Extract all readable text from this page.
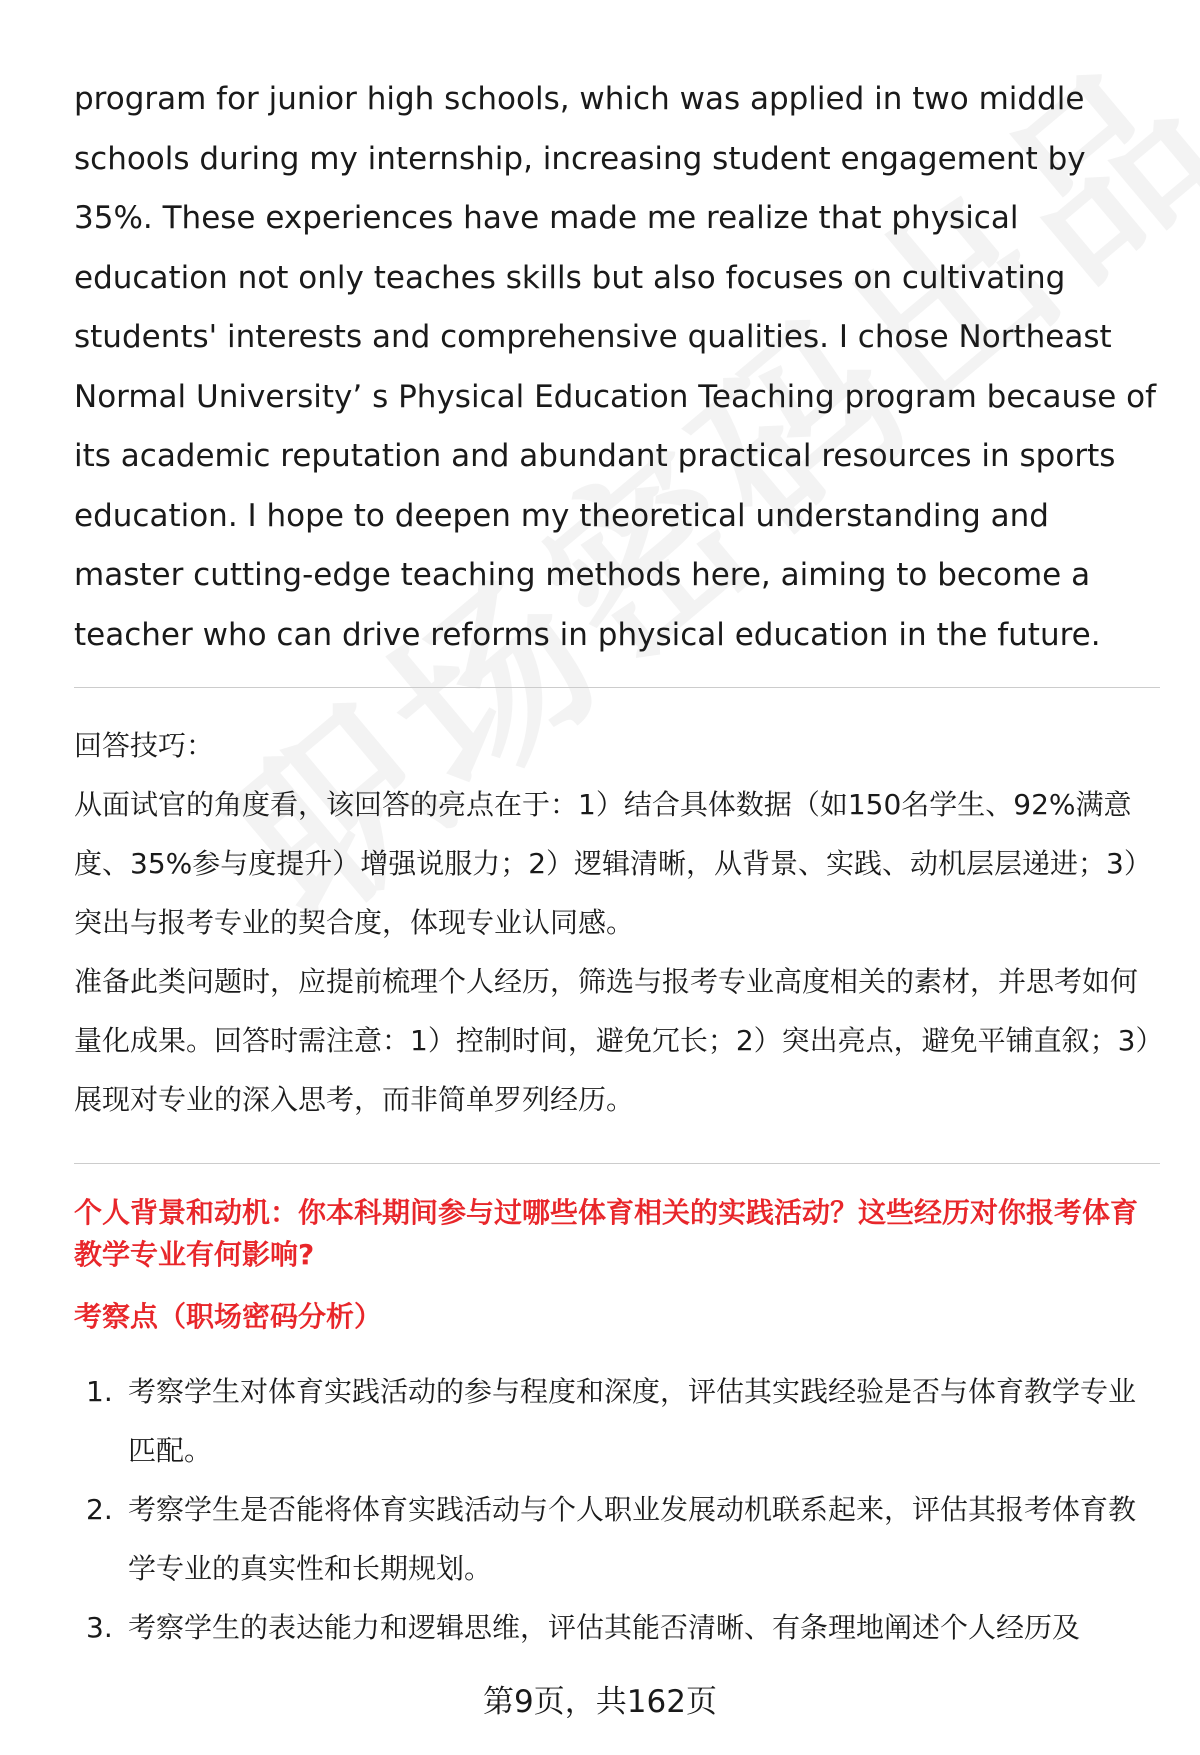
program for junior high schools, which was applied in two middle schools during my internship, increasing student engagement by 35%. These experiences have made me realize that physical education not only teaches skills but also focuses on cultivating students' interests and comprehensive qualities. I chose Northeast Normal University’ s Physical Education Teaching program because of its academic reputation and abundant practical resources in sports education. I hope to deepen my theoretical understanding and master cutting-edge teaching methods here, aiming to become a teacher who can drive reforms in physical education in the future.

回答技巧：

从面试官的角度看，该回答的亮点在于：1）结合具体数据（如150名学生、92%满意度、35%参与度提升）增强说服力；2）逻辑清晰，从背景、实践、动机层层递进；3）突出与报考专业的契合度，体现专业认同感。

准备此类问题时，应提前梳理个人经历，筛选与报考专业高度相关的素材，并思考如何量化成果。回答时需注意：1）控制时间，避免冗长；2）突出亮点，避免平铺直叙；3）展现对专业的深入思考，而非简单罗列经历。

个人背景和动机：你本科期间参与过哪些体育相关的实践活动？这些经历对你报考体育教学专业有何影响?

考察点（职场密码分析）

1. 考察学生对体育实践活动的参与程度和深度，评估其实践经验是否与体育教学专业匹配。
2. 考察学生是否能将体育实践活动与个人职业发展动机联系起来，评估其报考体育教学专业的真实性和长期规划。
3. 考察学生的表达能力和逻辑思维，评估其能否清晰、有条理地阐述个人经历及
第9页，共162页
